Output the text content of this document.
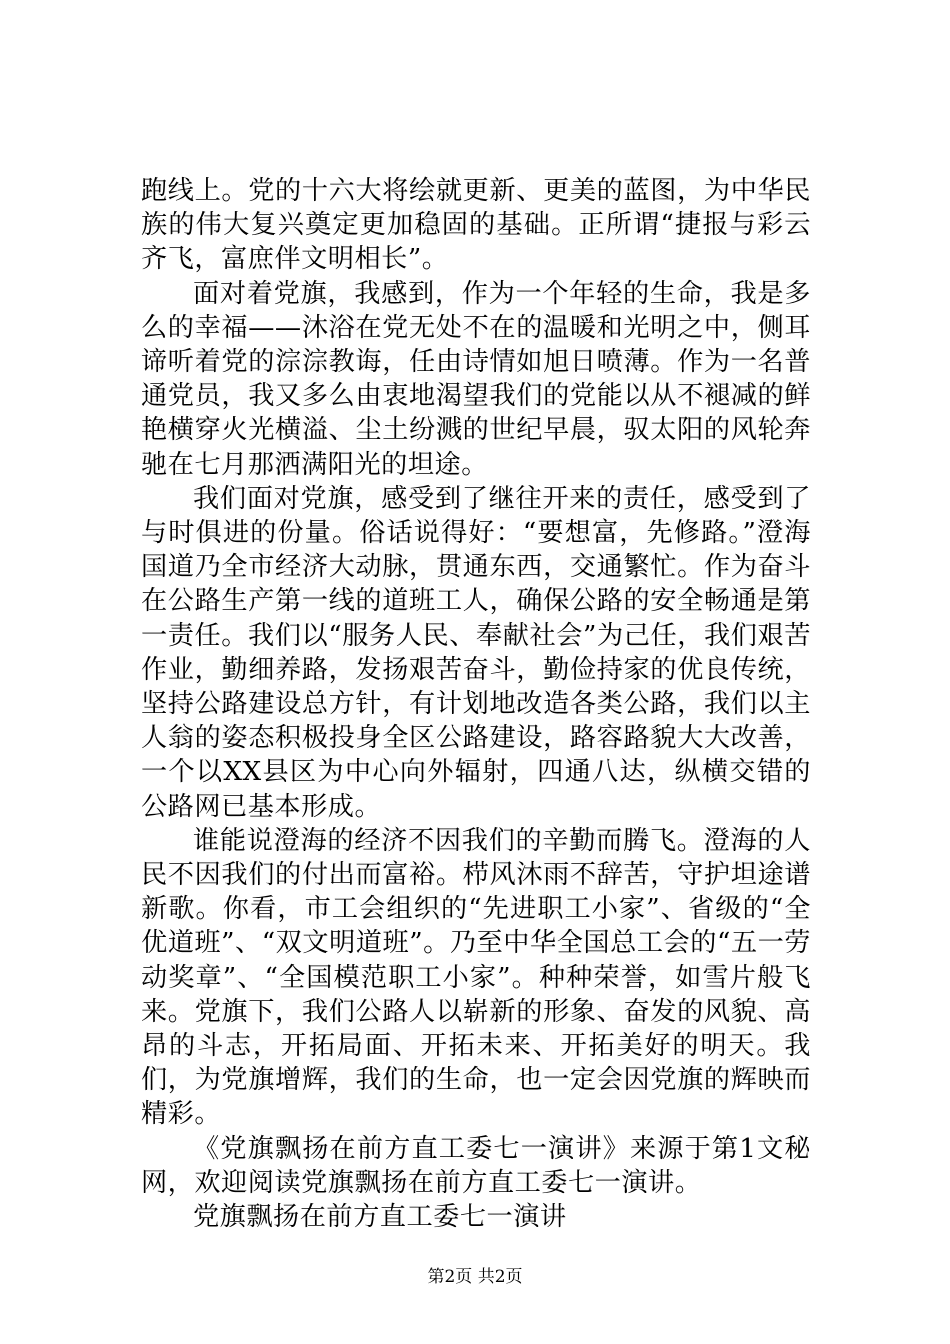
跑线上。党的十六大将绘就更新、更美的蓝图，为中华民族的伟大复兴奠定更加稳固的基础。正所谓“捷报与彩云齐飞，富庶伴文明相长”。

面对着党旗，我感到，作为一个年轻的生命，我是多么的幸福——沐浴在党无处不在的温暖和光明之中，侧耳谛听着党的淙淙教诲，任由诗情如旭日喷薄。作为一名普通党员，我又多么由衷地渴望我们的党能以从不褪减的鲜艳横穿火光横溢、尘土纷溅的世纪早晨，驭太阳的风轮奔驰在七月那洒满阳光的坦途。

我们面对党旗，感受到了继往开来的责任，感受到了与时俱进的份量。俗话说得好：“要想富，先修路。”澄海国道乃全市经济大动脉，贯通东西，交通繁忙。作为奋斗在公路生产第一线的道班工人，确保公路的安全畅通是第一责任。我们以“服务人民、奉献社会”为己任，我们艰苦作业，勤细养路，发扬艰苦奋斗，勤俭持家的优良传统，坚持公路建设总方针，有计划地改造各类公路，我们以主人翁的姿态积极投身全区公路建设，路容路貌大大改善，一个以XX县区为中心向外辐射，四通八达，纵横交错的公路网已基本形成。

谁能说澄海的经济不因我们的辛勤而腾飞。澄海的人民不因我们的付出而富裕。栉风沐雨不辞苦，守护坦途谱新歌。你看，市工会组织的“先进职工小家”、省级的“全优道班”、“双文明道班”。乃至中华全国总工会的“五一劳动奖章”、“全国模范职工小家”。种种荣誉，如雪片般飞来。党旗下，我们公路人以崭新的形象、奋发的风貌、高昂的斗志，开拓局面、开拓未来、开拓美好的明天。我们，为党旗增辉，我们的生命，也一定会因党旗的辉映而精彩。

《党旗飘扬在前方直工委七一演讲》来源于第1文秘网，欢迎阅读党旗飘扬在前方直工委七一演讲。

党旗飘扬在前方直工委七一演讲

第2页 共2页
